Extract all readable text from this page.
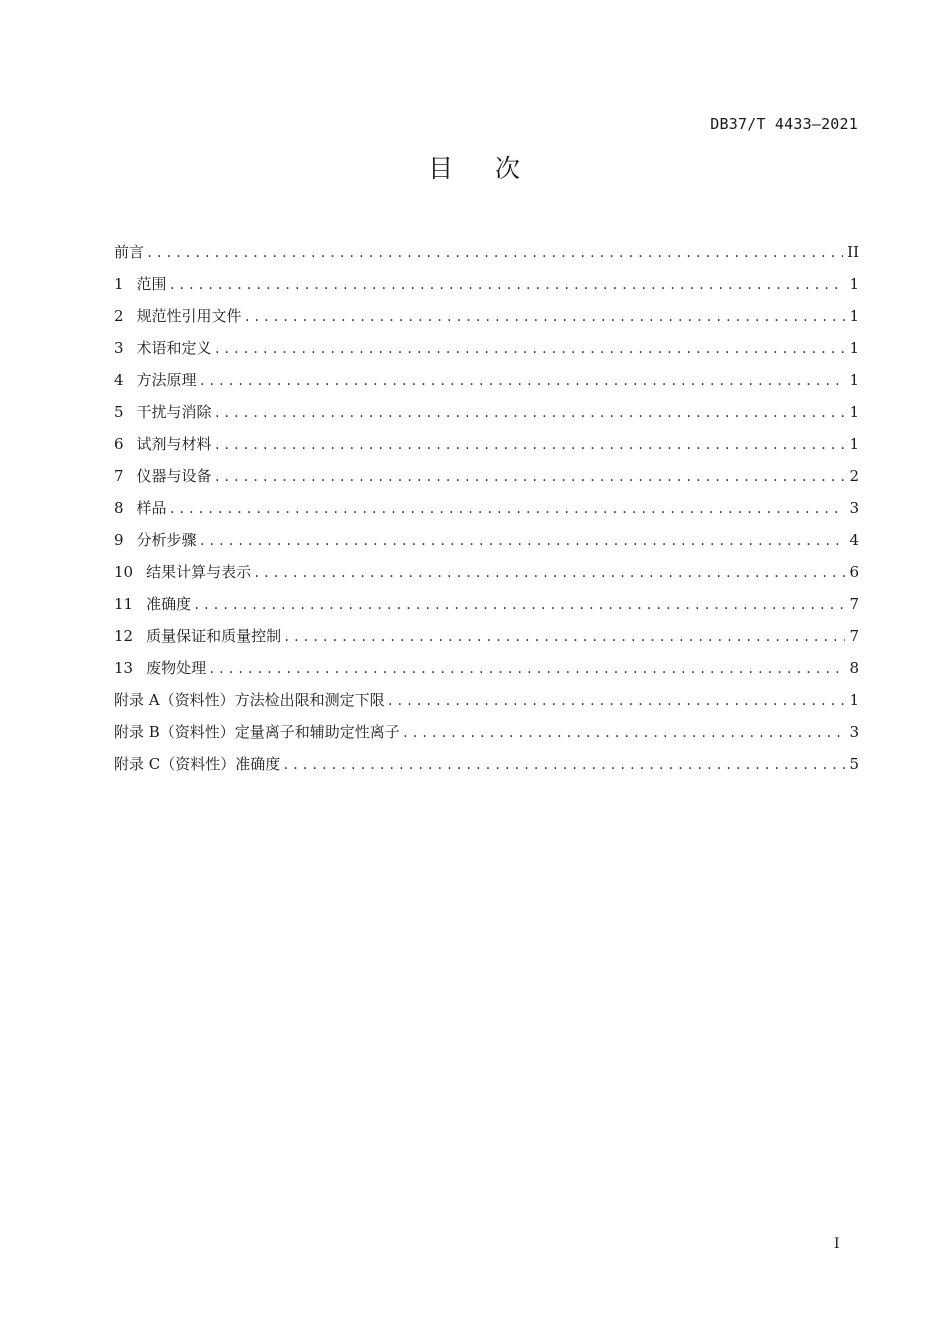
DB37/T 4433—2021
目    次
前言 .....	II
1 范围 .....	1
2 规范性引用文件 .....	1
3 术语和定义 .....	1
4 方法原理 .....	1
5 干扰与消除 .....	1
6 试剂与材料 .....	1
7 仪器与设备 .....	2
8 样品 .....	3
9 分析步骤 .....	4
10 结果计算与表示 .....	6
11 准确度 .....	7
12 质量保证和质量控制 .....	7
13 废物处理 .....	8
附录 A（资料性）方法检出限和测定下限 .....	1
附录 B（资料性）定量离子和辅助定性离子 .....	3
附录 C（资料性）准确度 .....	5
I
